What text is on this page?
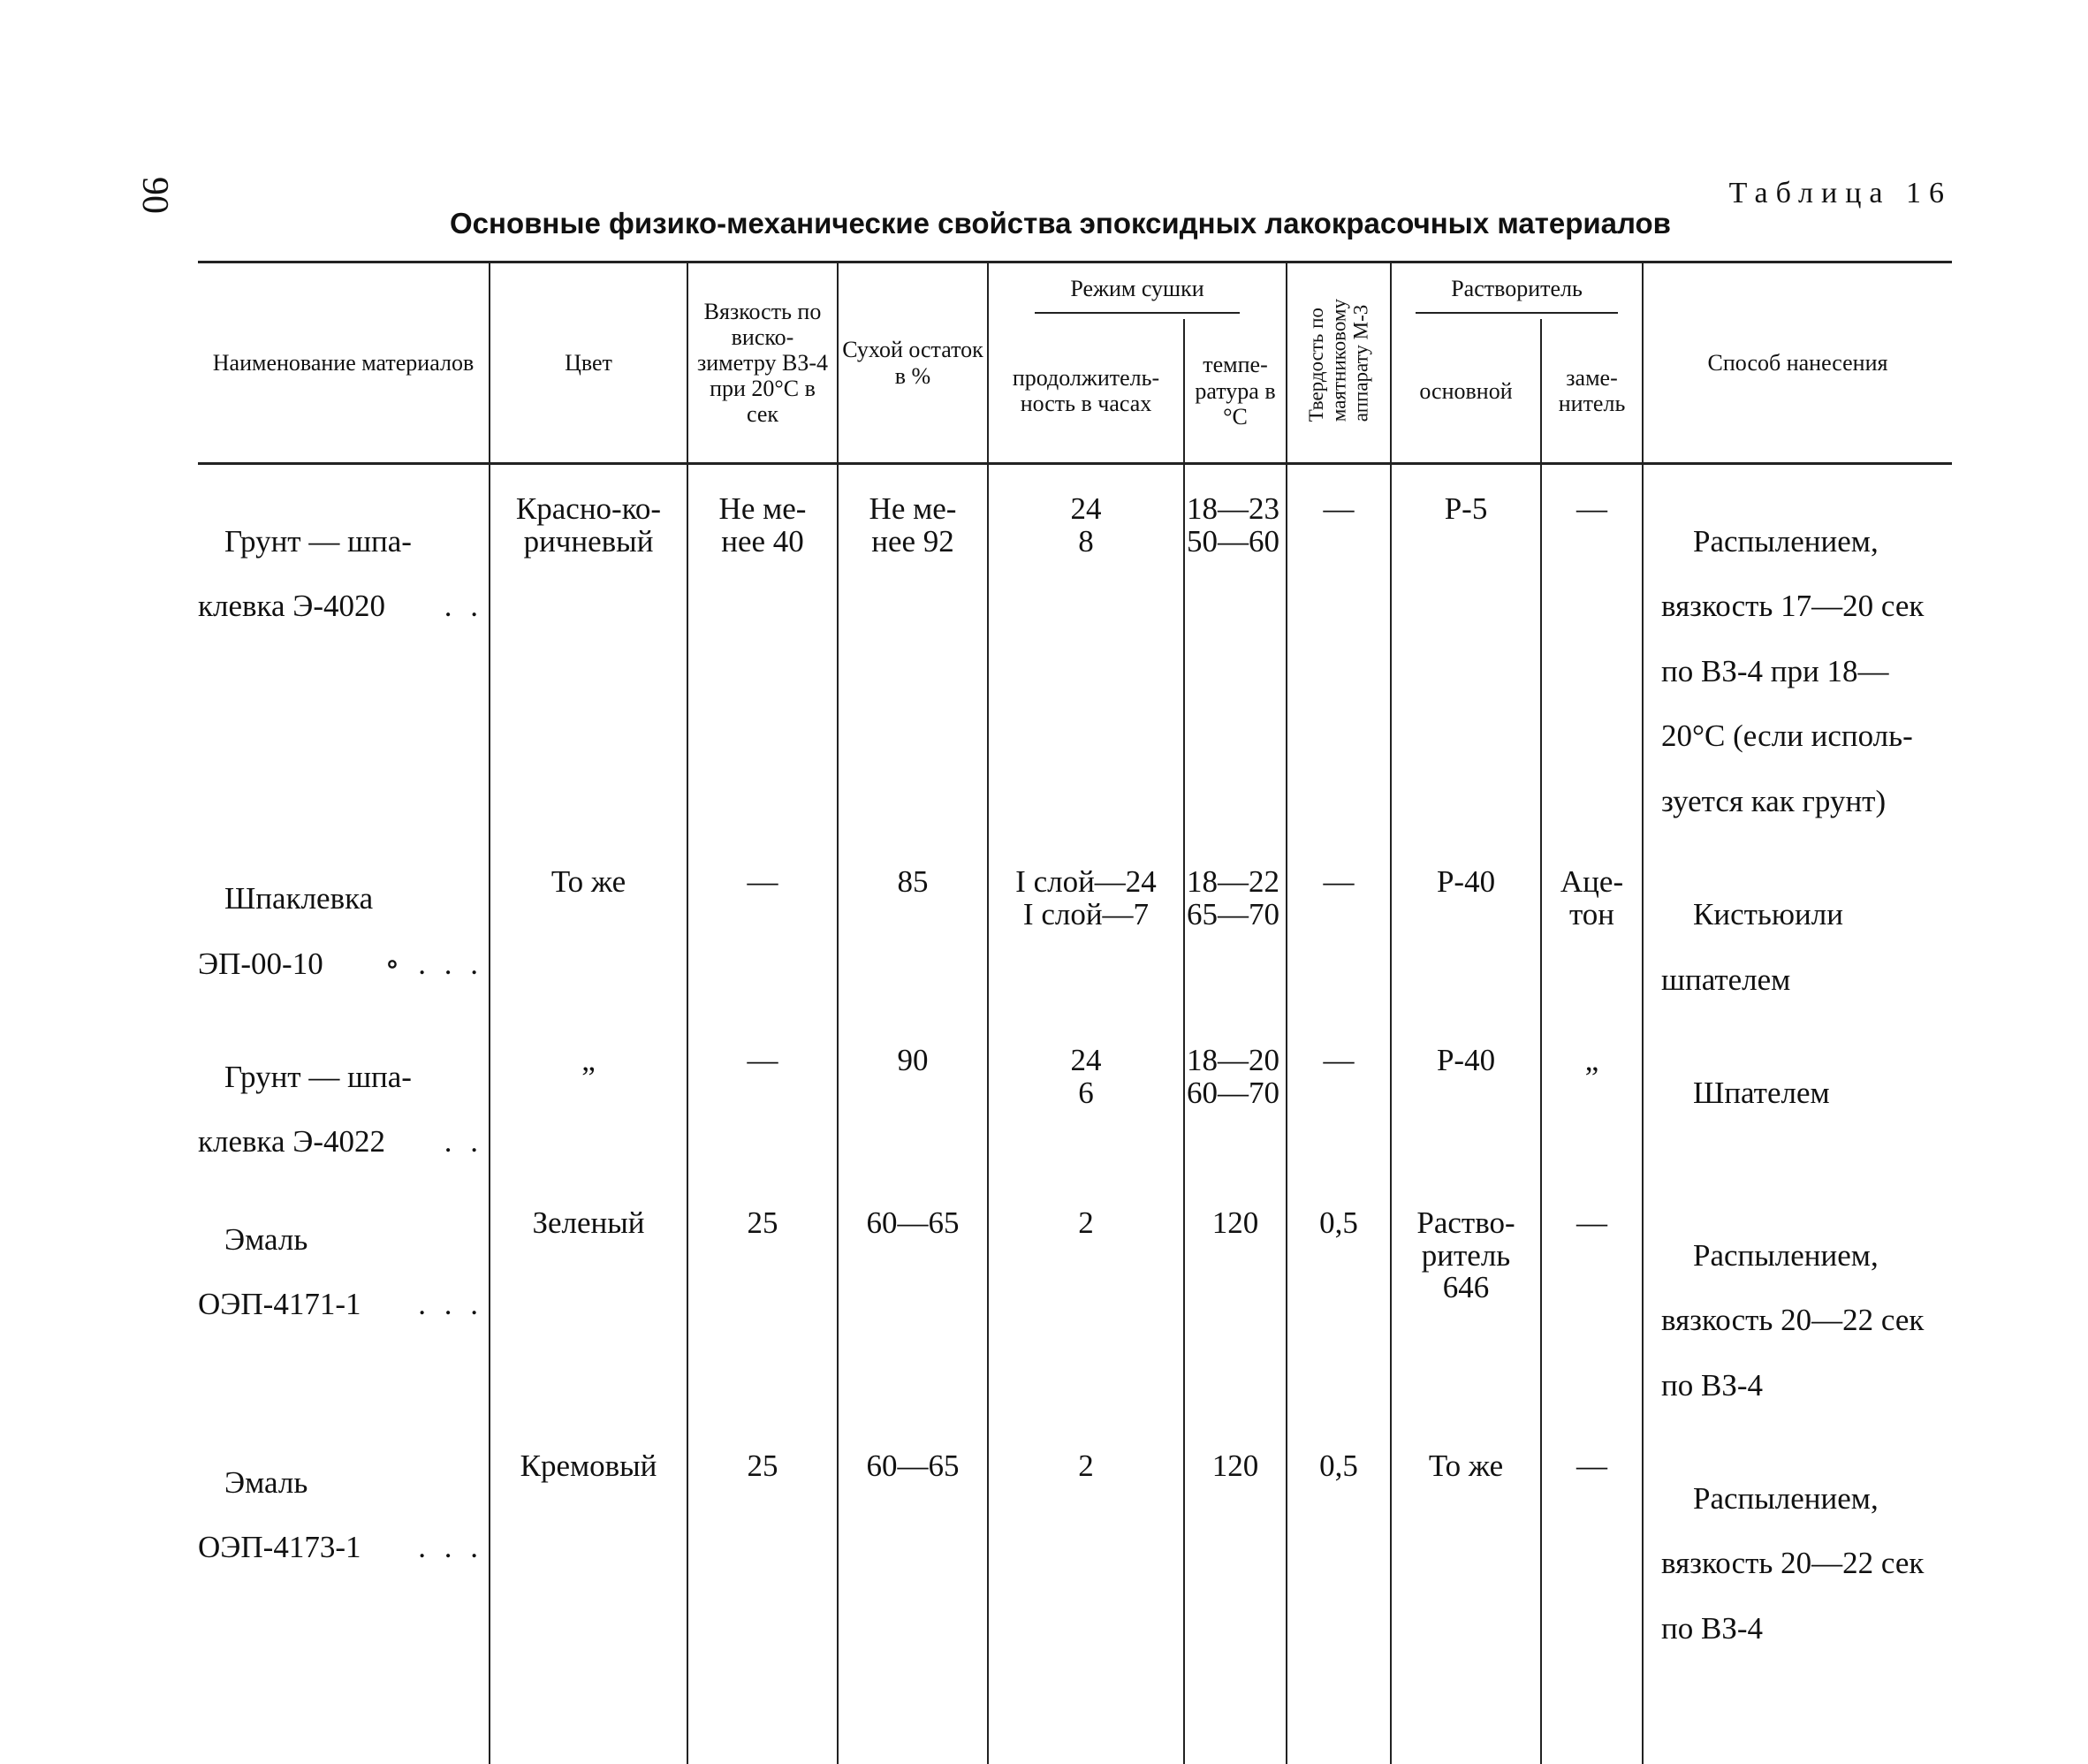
90	Таблица 16
Основные физико-механические свойства эпоксидных лакокрасочных материалов
Наименование материалов	Цвет	Вязкость по виско-зиметру ВЗ-4 при 20°С в сек	Сухой остаток в %	Режим сушки		Твердость по
маятниковому
аппарату М-3	Растворитель		Способ нанесения
				продолжитель-ность в часах	темпе-ратура в °С		основной	заме-нитель	

Грунт — шпа-

клевка Э-4020 . .	Красно-ко-
ричневый	Не ме-
нее 40	Не ме-
нее 92	24
8	18—23
50—60	—	Р-5	—	Распылением,

вязкость 17—20 сек

по ВЗ-4 при 18—

20°С (если исполь-

зуется как грунт)

Шпаклевка

ЭП-00-10 ∘ . . .	То же	—	85	I слой—24
I слой—7	18—22
65—70	—	Р-40	Аце-
тон	Кистьюили

шпателем

Грунт — шпа-

клевка Э-4022 . .	„	—	90	24
6	18—20
60—70	—	Р-40	„	Шпателем

Эмаль

ОЭП-4171-1 . . .	Зеленый	25	60—65	2	120	0,5	Раство-
ритель
646	—	Распылением,

вязкость 20—22 сек

по ВЗ-4

Эмаль

ОЭП-4173-1 . . .	Кремовый	25	60—65	2	120	0,5	То же	—	Распылением,

вязкость 20—22 сек

по ВЗ-4
